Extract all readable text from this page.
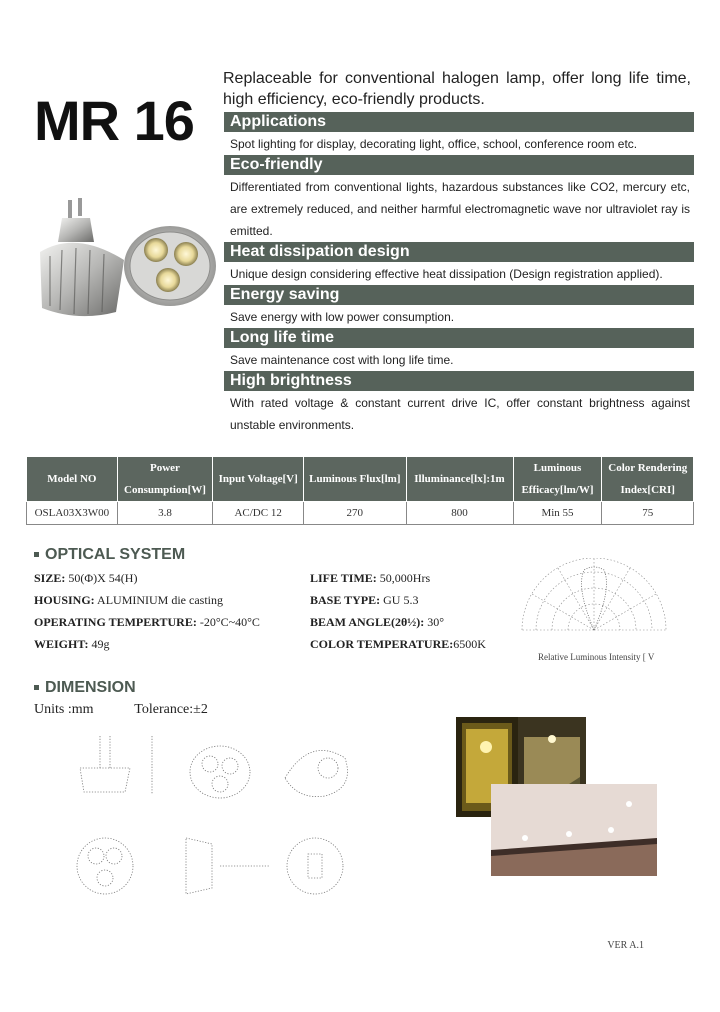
MR 16
Replaceable for conventional halogen lamp, offer long life time, high efficiency, eco-friendly products.
Applications
Spot lighting for display, decorating light, office, school, conference room etc.
Eco-friendly
Differentiated from conventional lights, hazardous substances like CO2, mercury etc, are extremely reduced, and neither harmful electromagnetic wave nor ultraviolet ray is emitted.
Heat dissipation design
Unique design considering effective heat dissipation (Design registration applied).
Energy saving
Save energy with low power consumption.
Long life time
Save maintenance cost with long life time.
High brightness
With rated voltage & constant current drive IC, offer constant brightness against unstable environments.
Model NO	Power Consumption[W]	Input Voltage[V]	Luminous Flux[lm]	Illuminance[lx]:1m	Luminous Efficacy[lm/W]	Color Rendering Index[CRI]
OSLA03X3W00	3.8	AC/DC 12	270	800	Min 55	75
OPTICAL SYSTEM
SIZE: 50(Φ)X 54(H)
HOUSING: ALUMINIUM die casting
OPERATING TEMPERTURE: -20°C~40°C
WEIGHT: 49g
LIFE TIME: 50,000Hrs
BASE TYPE: GU 5.3
BEAM ANGLE(2θ½): 30°
COLOR TEMPERATURE:6500K
Relative Luminous Intensity [ V
DIMENSION
Units :mm	Tolerance:±2
VER A.1
